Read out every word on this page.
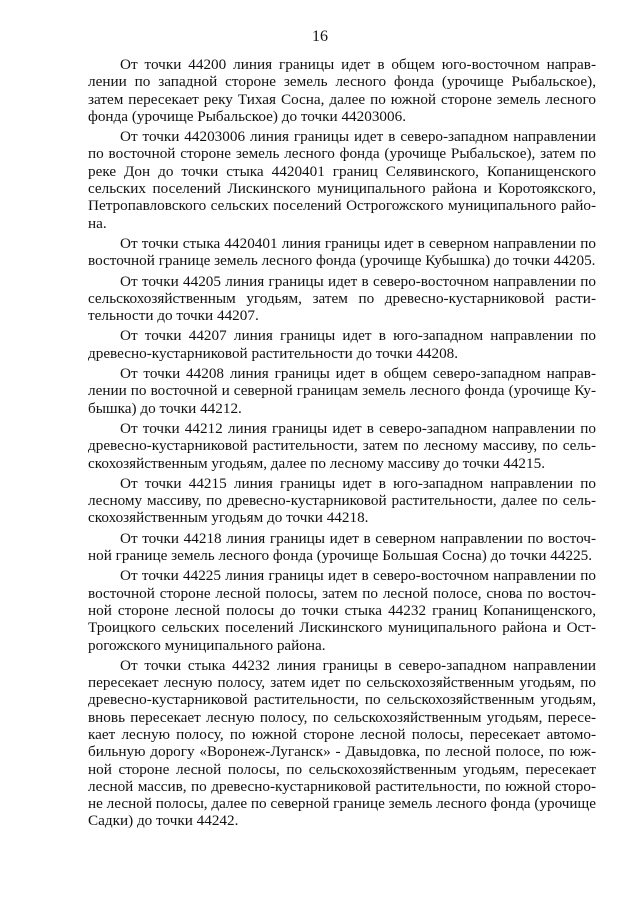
16

От точки 44200 линия границы идет в общем юго-восточном направлении по западной стороне земель лесного фонда (урочище Рыбальское), затем пересекает реку Тихая Сосна, далее по южной стороне земель лесного фонда (урочище Рыбальское) до точки 44203006.

От точки 44203006 линия границы идет в северо-западном направлении по восточной стороне земель лесного фонда (урочище Рыбальское), затем по реке Дон до точки стыка 4420401 границ Селявинского, Копанищенского сельских поселений Лискинского муниципального района и Коротоякского, Петропавловского сельских поселений Острогожского муниципального района.

От точки стыка 4420401 линия границы идет в северном направлении по восточной границе земель лесного фонда (урочище Кубышка) до точки 44205.

От точки 44205 линия границы идет в северо-восточном направлении по сельскохозяйственным угодьям, затем по древесно-кустарниковой растительности до точки 44207.

От точки 44207 линия границы идет в юго-западном направлении по древесно-кустарниковой растительности до точки 44208.

От точки 44208 линия границы идет в общем северо-западном направлении по восточной и северной границам земель лесного фонда (урочище Кубышка) до точки 44212.

От точки 44212 линия границы идет в северо-западном направлении по древесно-кустарниковой растительности, затем по лесному массиву, по сельскохозяйственным угодьям, далее по лесному массиву до точки 44215.

От точки 44215 линия границы идет в юго-западном направлении по лесному массиву, по древесно-кустарниковой растительности, далее по сельскохозяйственным угодьям до точки 44218.

От точки 44218 линия границы идет в северном направлении по восточной границе земель лесного фонда (урочище Большая Сосна) до точки 44225.

От точки 44225 линия границы идет в северо-восточном направлении по восточной стороне лесной полосы, затем по лесной полосе, снова по восточной стороне лесной полосы до точки стыка 44232 границ Копанищенского, Троицкого сельских поселений Лискинского муниципального района и Острогожского муниципального района.

От точки стыка 44232 линия границы в северо-западном направлении пересекает лесную полосу, затем идет по сельскохозяйственным угодьям, по древесно-кустарниковой растительности, по сельскохозяйственным угодьям, вновь пересекает лесную полосу, по сельскохозяйственным угодьям, пересекает лесную полосу, по южной стороне лесной полосы, пересекает автомобильную дорогу «Воронеж-Луганск» - Давыдовка, по лесной полосе, по южной стороне лесной полосы, по сельскохозяйственным угодьям, пересекает лесной массив, по древесно-кустарниковой растительности, по южной стороне лесной полосы, далее по северной границе земель лесного фонда (урочище Садки) до точки 44242.
